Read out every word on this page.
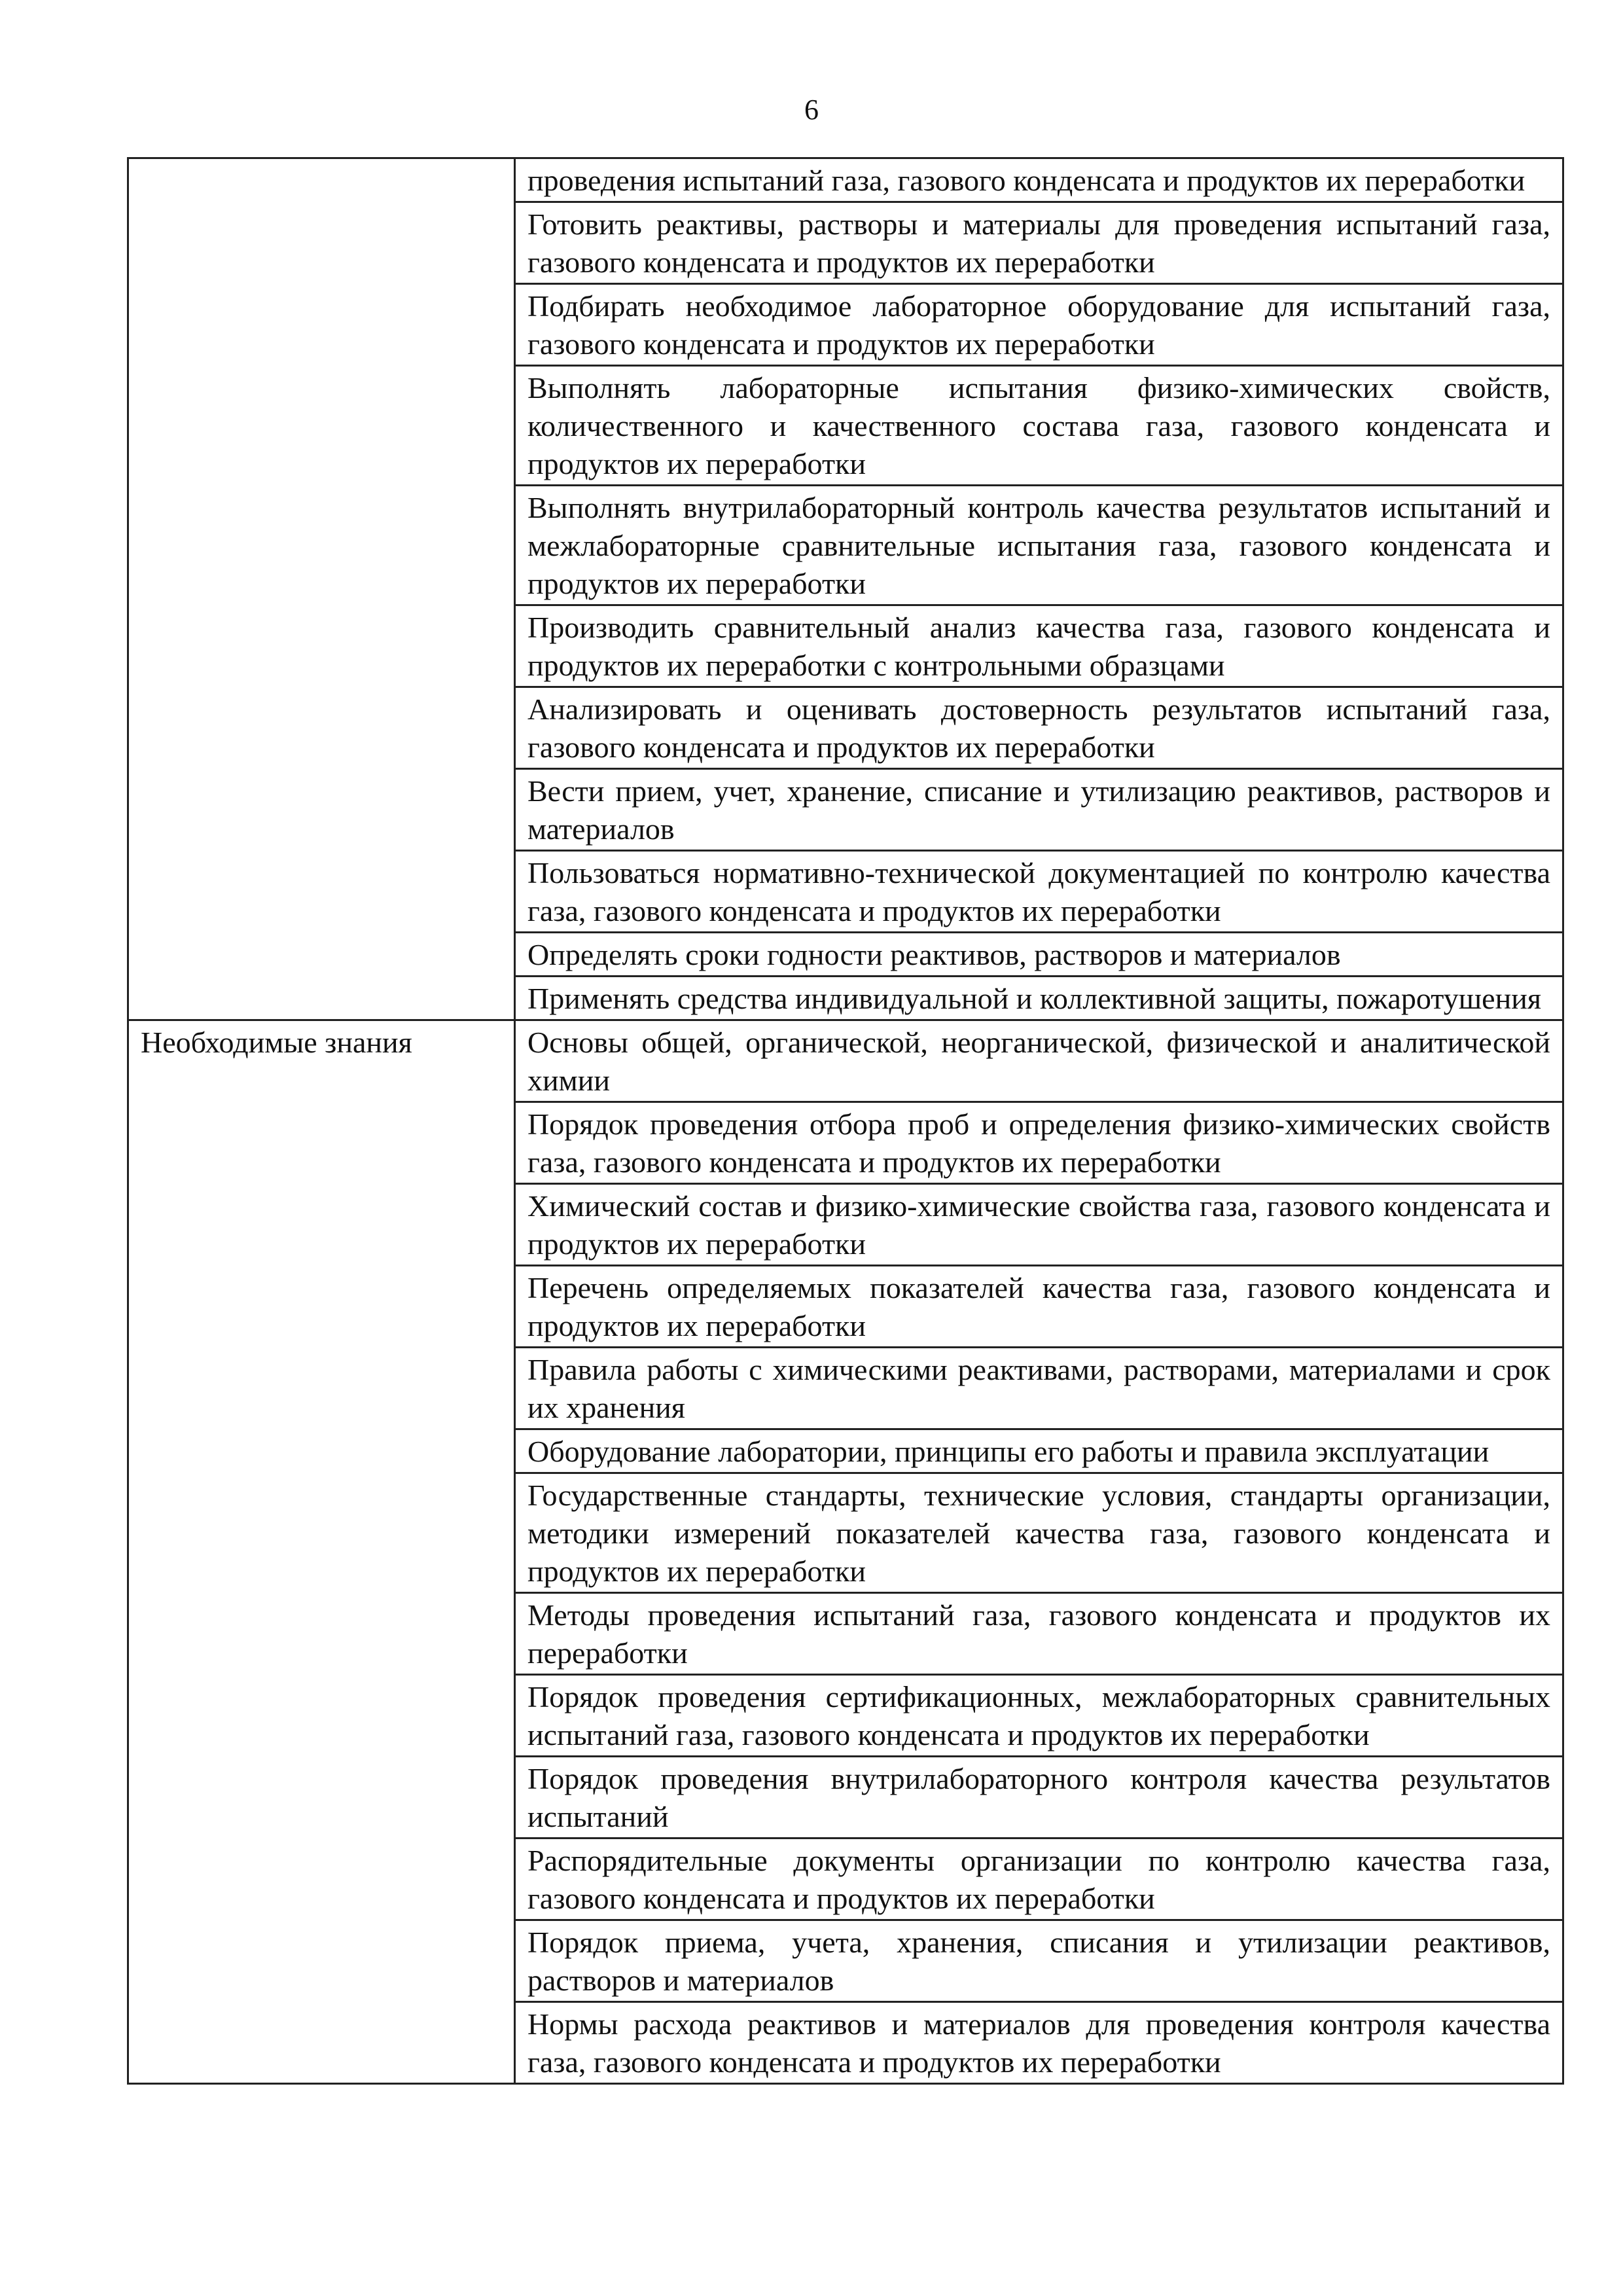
6
	проведения испытаний газа, газового конденсата и продуктов их переработки
	Готовить реактивы, растворы и материалы для проведения испытаний газа, газового конденсата и продуктов их переработки
	Подбирать необходимое лабораторное оборудование для испытаний газа, газового конденсата и продуктов их переработки
	Выполнять лабораторные испытания физико-химических свойств, количественного и качественного состава газа, газового конденсата и продуктов их переработки
	Выполнять внутрилабораторный контроль качества результатов испытаний и межлабораторные сравнительные испытания газа, газового конденсата и продуктов их переработки
	Производить сравнительный анализ качества газа, газового конденсата и продуктов их переработки с контрольными образцами
	Анализировать и оценивать достоверность результатов испытаний газа, газового конденсата и продуктов их переработки
	Вести прием, учет, хранение, списание и утилизацию реактивов, растворов и материалов
	Пользоваться нормативно-технической документацией по контролю качества газа, газового конденсата и продуктов их переработки
	Определять сроки годности реактивов, растворов и материалов
	Применять средства индивидуальной и коллективной защиты, пожаротушения
Необходимые знания	Основы общей, органической, неорганической, физической и аналитической химии
	Порядок проведения отбора проб и определения физико-химических свойств газа, газового конденсата и продуктов их переработки
	Химический состав и физико-химические свойства газа, газового конденсата и продуктов их переработки
	Перечень определяемых показателей качества газа, газового конденсата и продуктов их переработки
	Правила работы с химическими реактивами, растворами, материалами и срок их хранения
	Оборудование лаборатории, принципы его работы и правила эксплуатации
	Государственные стандарты, технические условия, стандарты организации, методики измерений показателей качества газа, газового конденсата и продуктов их переработки
	Методы проведения испытаний газа, газового конденсата и продуктов их переработки
	Порядок проведения сертификационных, межлабораторных сравнительных испытаний газа, газового конденсата и продуктов их переработки
	Порядок проведения внутрилабораторного контроля качества результатов испытаний
	Распорядительные документы организации по контролю качества газа, газового конденсата и продуктов их переработки
	Порядок приема, учета, хранения, списания и утилизации реактивов, растворов и материалов
	Нормы расхода реактивов и материалов для проведения контроля качества газа, газового конденсата и продуктов их переработки
